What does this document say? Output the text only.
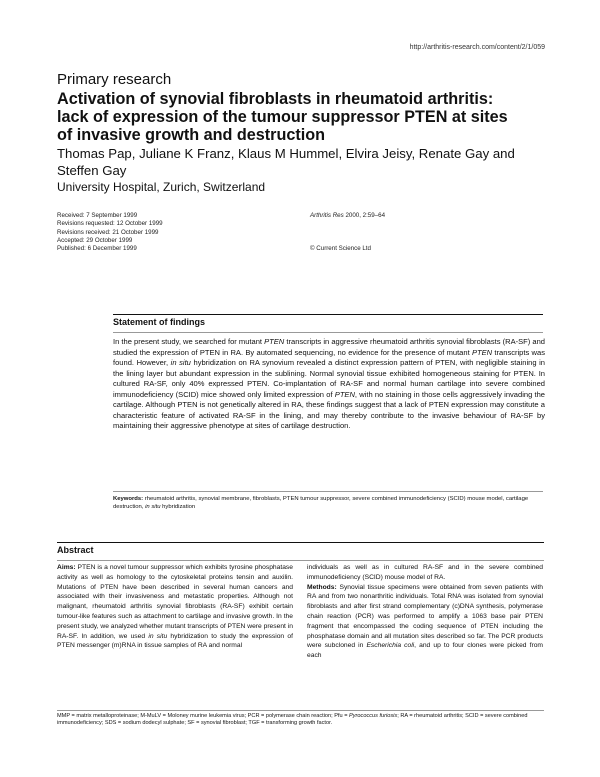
http://arthritis-research.com/content/2/1/059
Primary research
Activation of synovial fibroblasts in rheumatoid arthritis: lack of expression of the tumour suppressor PTEN at sites of invasive growth and destruction
Thomas Pap, Juliane K Franz, Klaus M Hummel, Elvira Jeisy, Renate Gay and Steffen Gay
University Hospital, Zurich, Switzerland
Received: 7 September 1999
Revisions requested: 12 October 1999
Revisions received: 21 October 1999
Accepted: 29 October 1999
Published: 6 December 1999
Arthritis Res 2000, 2:59–64
© Current Science Ltd
Statement of findings
In the present study, we searched for mutant PTEN transcripts in aggressive rheumatoid arthritis synovial fibroblasts (RA-SF) and studied the expression of PTEN in RA. By automated sequencing, no evidence for the presence of mutant PTEN transcripts was found. However, in situ hybridization on RA synovium revealed a distinct expression pattern of PTEN, with negligible staining in the lining layer but abundant expression in the sublining. Normal synovial tissue exhibited homogeneous staining for PTEN. In cultured RA-SF, only 40% expressed PTEN. Co-implantation of RA-SF and normal human cartilage into severe combined immunodeficiency (SCID) mice showed only limited expression of PTEN, with no staining in those cells aggressively invading the cartilage. Although PTEN is not genetically altered in RA, these findings suggest that a lack of PTEN expression may constitute a characteristic feature of activated RA-SF in the lining, and may thereby contribute to the invasive behaviour of RA-SF by maintaining their aggressive phenotype at sites of cartilage destruction.
Keywords: rheumatoid arthritis, synovial membrane, fibroblasts, PTEN tumour suppressor, severe combined immunodeficiency (SCID) mouse model, cartilage destruction, in situ hybridization
Abstract
Aims: PTEN is a novel tumour suppressor which exhibits tyrosine phosphatase activity as well as homology to the cytoskeletal proteins tensin and auxilin. Mutations of PTEN have been described in several human cancers and associated with their invasiveness and metastatic properties. Although not malignant, rheumatoid arthritis synovial fibroblasts (RA-SF) exhibit certain tumour-like features such as attachment to cartilage and invasive growth. In the present study, we analyzed whether mutant transcripts of PTEN were present in RA-SF. In addition, we used in situ hybridization to study the expression of PTEN messenger (m)RNA in tissue samples of RA and normal
individuals as well as in cultured RA-SF and in the severe combined immunodeficiency (SCID) mouse model of RA.
Methods: Synovial tissue specimens were obtained from seven patients with RA and from two nonarthritic individuals. Total RNA was isolated from synovial fibroblasts and after first strand complementary (c)DNA synthesis, polymerase chain reaction (PCR) was performed to amplify a 1063 base pair PTEN fragment that encompassed the coding sequence of PTEN including the phosphatase domain and all mutation sites described so far. The PCR products were subcloned in Escherichia coli, and up to four clones were picked from each
MMP = matrix metalloproteinase; M-MuLV = Moloney murine leukemia virus; PCR = polymerase chain reaction; Pfu = Pyrococcus furiosis; RA = rheumatoid arthritis; SCID = severe combined immunodeficiency; SDS = sodium dodecyl sulphate; SF = synovial fibroblast; TGF = transforming growth factor.
